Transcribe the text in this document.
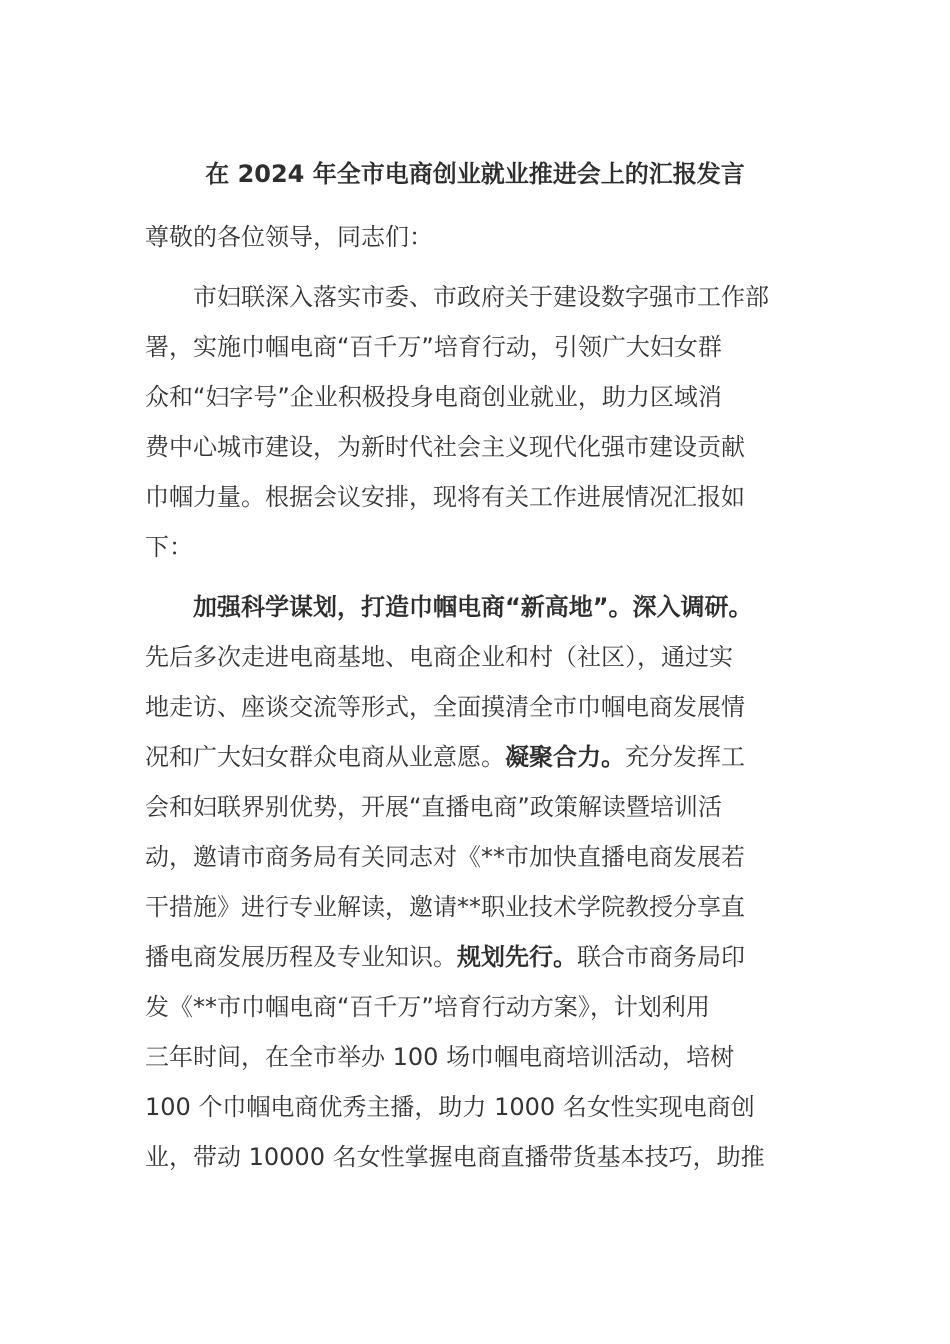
在 2024 年全市电商创业就业推进会上的汇报发言
尊敬的各位领导，同志们：
　　市妇联深入落实市委、市政府关于建设数字强市工作部
署，实施巾帼电商“百千万”培育行动，引领广大妇女群
众和“妇字号”企业积极投身电商创业就业，助力区域消
费中心城市建设，为新时代社会主义现代化强市建设贡献
巾帼力量。根据会议安排，现将有关工作进展情况汇报如
下：
　　加强科学谋划，打造巾帼电商“新高地”。深入调研。
先后多次走进电商基地、电商企业和村（社区），通过实
地走访、座谈交流等形式，全面摸清全市巾帼电商发展情
况和广大妇女群众电商从业意愿。凝聚合力。充分发挥工
会和妇联界别优势，开展“直播电商”政策解读暨培训活
动，邀请市商务局有关同志对《**市加快直播电商发展若
干措施》进行专业解读，邀请**职业技术学院教授分享直
播电商发展历程及专业知识。规划先行。联合市商务局印
发《**市巾帼电商“百千万”培育行动方案》，计划利用
三年时间，在全市举办 100 场巾帼电商培训活动，培树
100 个巾帼电商优秀主播，助力 1000 名女性实现电商创
业，带动 10000 名女性掌握电商直播带货基本技巧，助推
